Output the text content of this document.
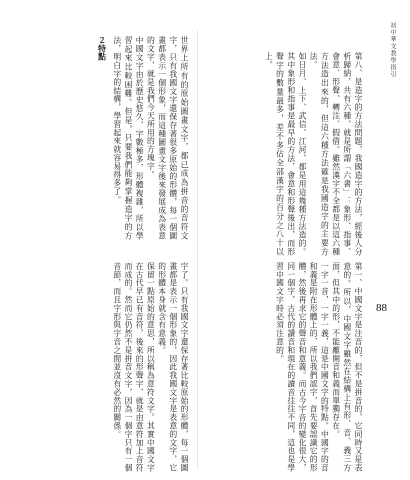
初中華文教學指引
88

第八、是造字的方法問題，我國造字的方法，經後人分析歸納，共有六種，就是所謂「六書」：象形、指事、會意、形聲、轉注、假借。雖然漢字不全都是以這六種方法造出來的，但這六種方法確是我國造字的主要方法。

如日月、上下、武信、江河，都是用這幾種方法造的。其中象形和指事是最早的方法，會意和形聲後出，而形聲字的數量最多，差不多佔全部漢字的百分之八十以上。

第一、中國文字是注音的，但不是拼音的，它同時又是表意的。所以，中國文字雖然在結構上有形、音、義三方面，但其中的形，不能離開音和義而單獨存在。

一字一音，一字一義，這是中國文字的特點。中國字的音和義是附在形體上的，所以我們認字，首先要認識它的形體，然後再求它的聲音和意義。而古今字音的變化很大，同一個字，古代的讀音和現在的讀音往往不同，這也是學習中國文字時必須注意的。

世界上所有的原始圖畫文字，都已成為拼音的音符文字，只有我國文字還保存著很多原始的形體，每一個圖畫都表示一個形象，而這種圖畫文字後來發展成為表意的文字，就是我們今天所用的方塊字。

中國文字由於歷史悠久，字數極多，形體複雜，所以學習起來比較困難。但是，只要我們能夠掌握造字的方法，明白字的結構，學習起來就容易得多了。

２特點

字了。只有我國文字還保存著比較原始的形體，每一個圖畫都是表示一個形象的，因此我國文字是表意的文字，它的形體本身就含有意義。

保留一點原始的意思，所以稱為意符文字。其實中國文字在古代早已有音符，後來的形聲字，就是由意符加上音符而成的。然而它仍然不是拼音文字，因為一個字只有一個音節，而且字形與字音之間並沒有必然的關係。
